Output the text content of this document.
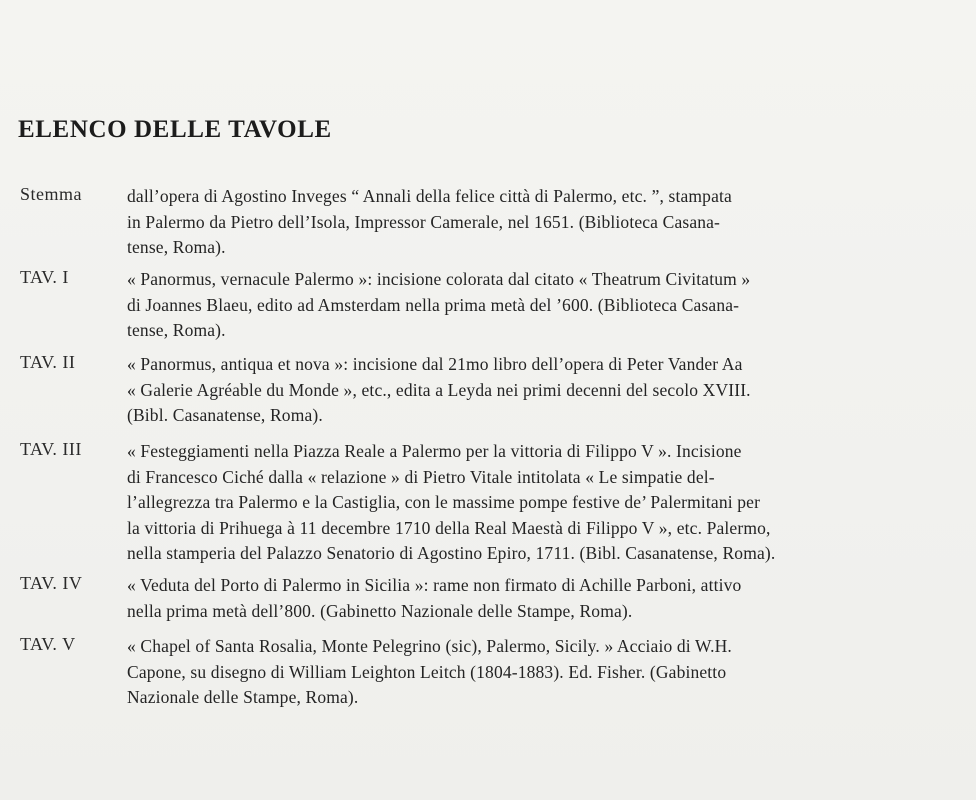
ELENCO DELLE TAVOLE
Stemma	dall’opera di Agostino Inveges “ Annali della felice città di Palermo, etc. ”, stampata
in Palermo da Pietro dell’Isola, Impressor Camerale, nel 1651. (Biblioteca Casana-
tense, Roma).
TAV. I	« Panormus, vernacule Palermo »: incisione colorata dal citato « Theatrum Civitatum »
di Joannes Blaeu, edito ad Amsterdam nella prima metà del ’600. (Biblioteca Casana-
tense, Roma).
TAV. II	« Panormus, antiqua et nova »: incisione dal 21mo libro dell’opera di Peter Vander Aa
« Galerie Agréable du Monde », etc., edita a Leyda nei primi decenni del secolo XVIII.
(Bibl. Casanatense, Roma).
TAV. III	« Festeggiamenti nella Piazza Reale a Palermo per la vittoria di Filippo V ». Incisione
di Francesco Ciché dalla « relazione » di Pietro Vitale intitolata « Le simpatie del-
l’allegrezza tra Palermo e la Castiglia, con le massime pompe festive de’ Palermitani per
la vittoria di Prihuega à 11 decembre 1710 della Real Maestà di Filippo V », etc. Palermo,
nella stamperia del Palazzo Senatorio di Agostino Epiro, 1711. (Bibl. Casanatense, Roma).
TAV. IV	« Veduta del Porto di Palermo in Sicilia »: rame non firmato di Achille Parboni, attivo
nella prima metà dell’800. (Gabinetto Nazionale delle Stampe, Roma).
TAV. V	« Chapel of Santa Rosalia, Monte Pelegrino (sic), Palermo, Sicily. » Acciaio di W.H.
Capone, su disegno di William Leighton Leitch (1804-1883). Ed. Fisher. (Gabinetto
Nazionale delle Stampe, Roma).
